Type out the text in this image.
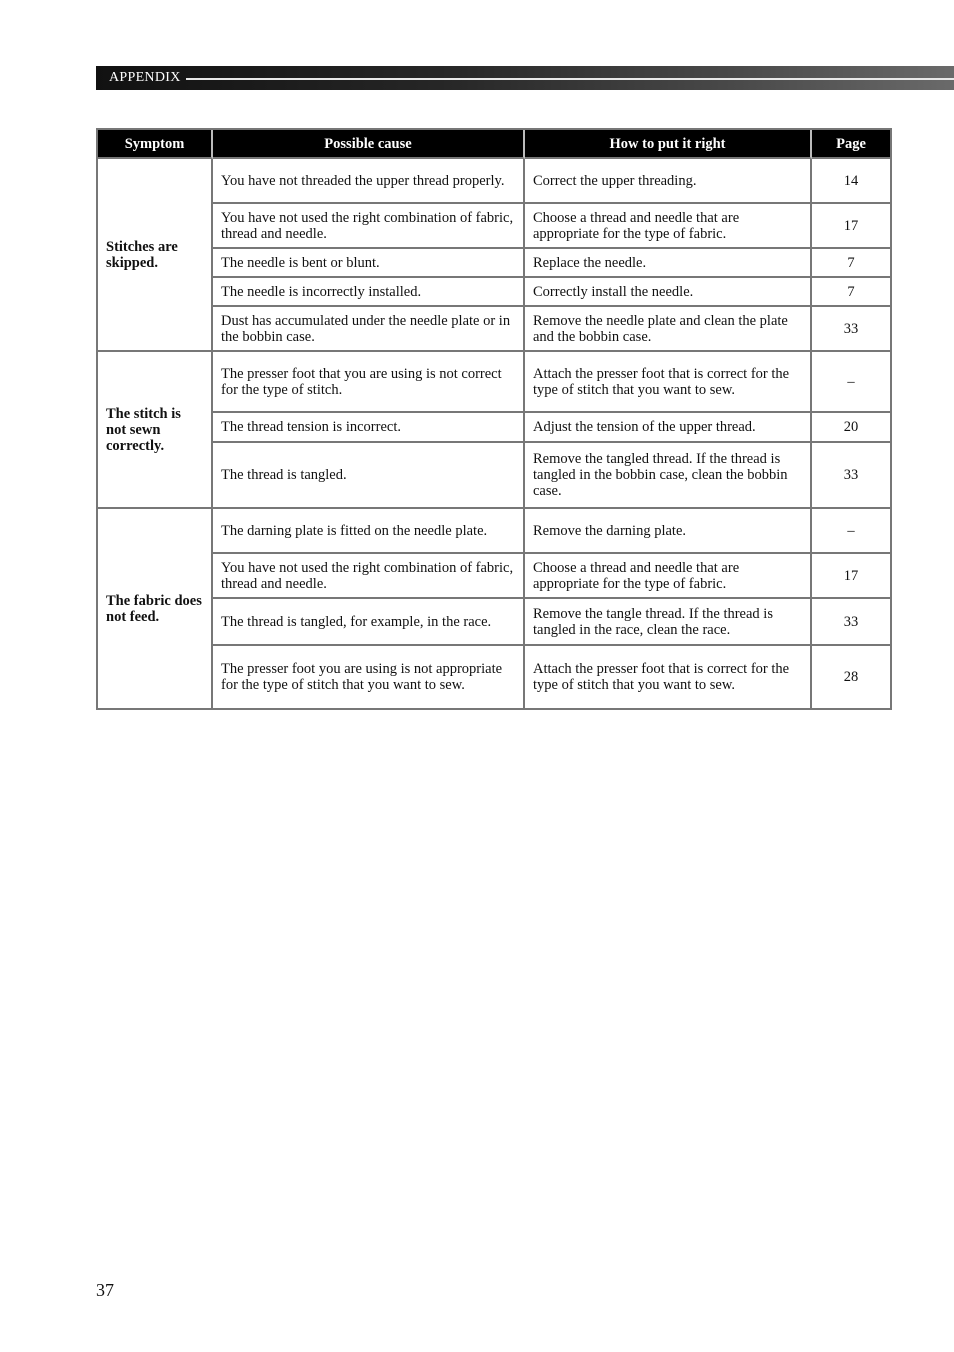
APPENDIX
Symptom	Possible cause	How to put it right	Page
Stitches are skipped.	You have not threaded the upper thread properly.	Correct the upper threading.	14
	You have not used the right combination of fabric, thread and needle.	Choose a thread and needle that are appropriate for the type of fabric.	17
	The needle is bent or blunt.	Replace the needle.	7
	The needle is incorrectly installed.	Correctly install the needle.	7
	Dust has accumulated under the needle plate or in the bobbin case.	Remove the needle plate and clean the plate and the bobbin case.	33
The stitch is not sewn correctly.	The presser foot that you are using is not correct for the type of stitch.	Attach the presser foot that is correct for the type of stitch that you want to sew.	–
	The thread tension is incorrect.	Adjust the tension of the upper thread.	20
	The thread is tangled.	Remove the tangled thread. If the thread is tangled in the bobbin case, clean the bobbin case.	33
The fabric does not feed.	The darning plate is fitted on the needle plate.	Remove the darning plate.	–
	You have not used the right combination of fabric, thread and needle.	Choose a thread and needle that are appropriate for the type of fabric.	17
	The thread is tangled, for example, in the race.	Remove the tangle thread. If the thread is tangled in the race, clean the race.	33
	The presser foot you are using is not appropriate for the type of stitch that you want to sew.	Attach the presser foot that is correct for the type of stitch that you want to sew.	28
37
